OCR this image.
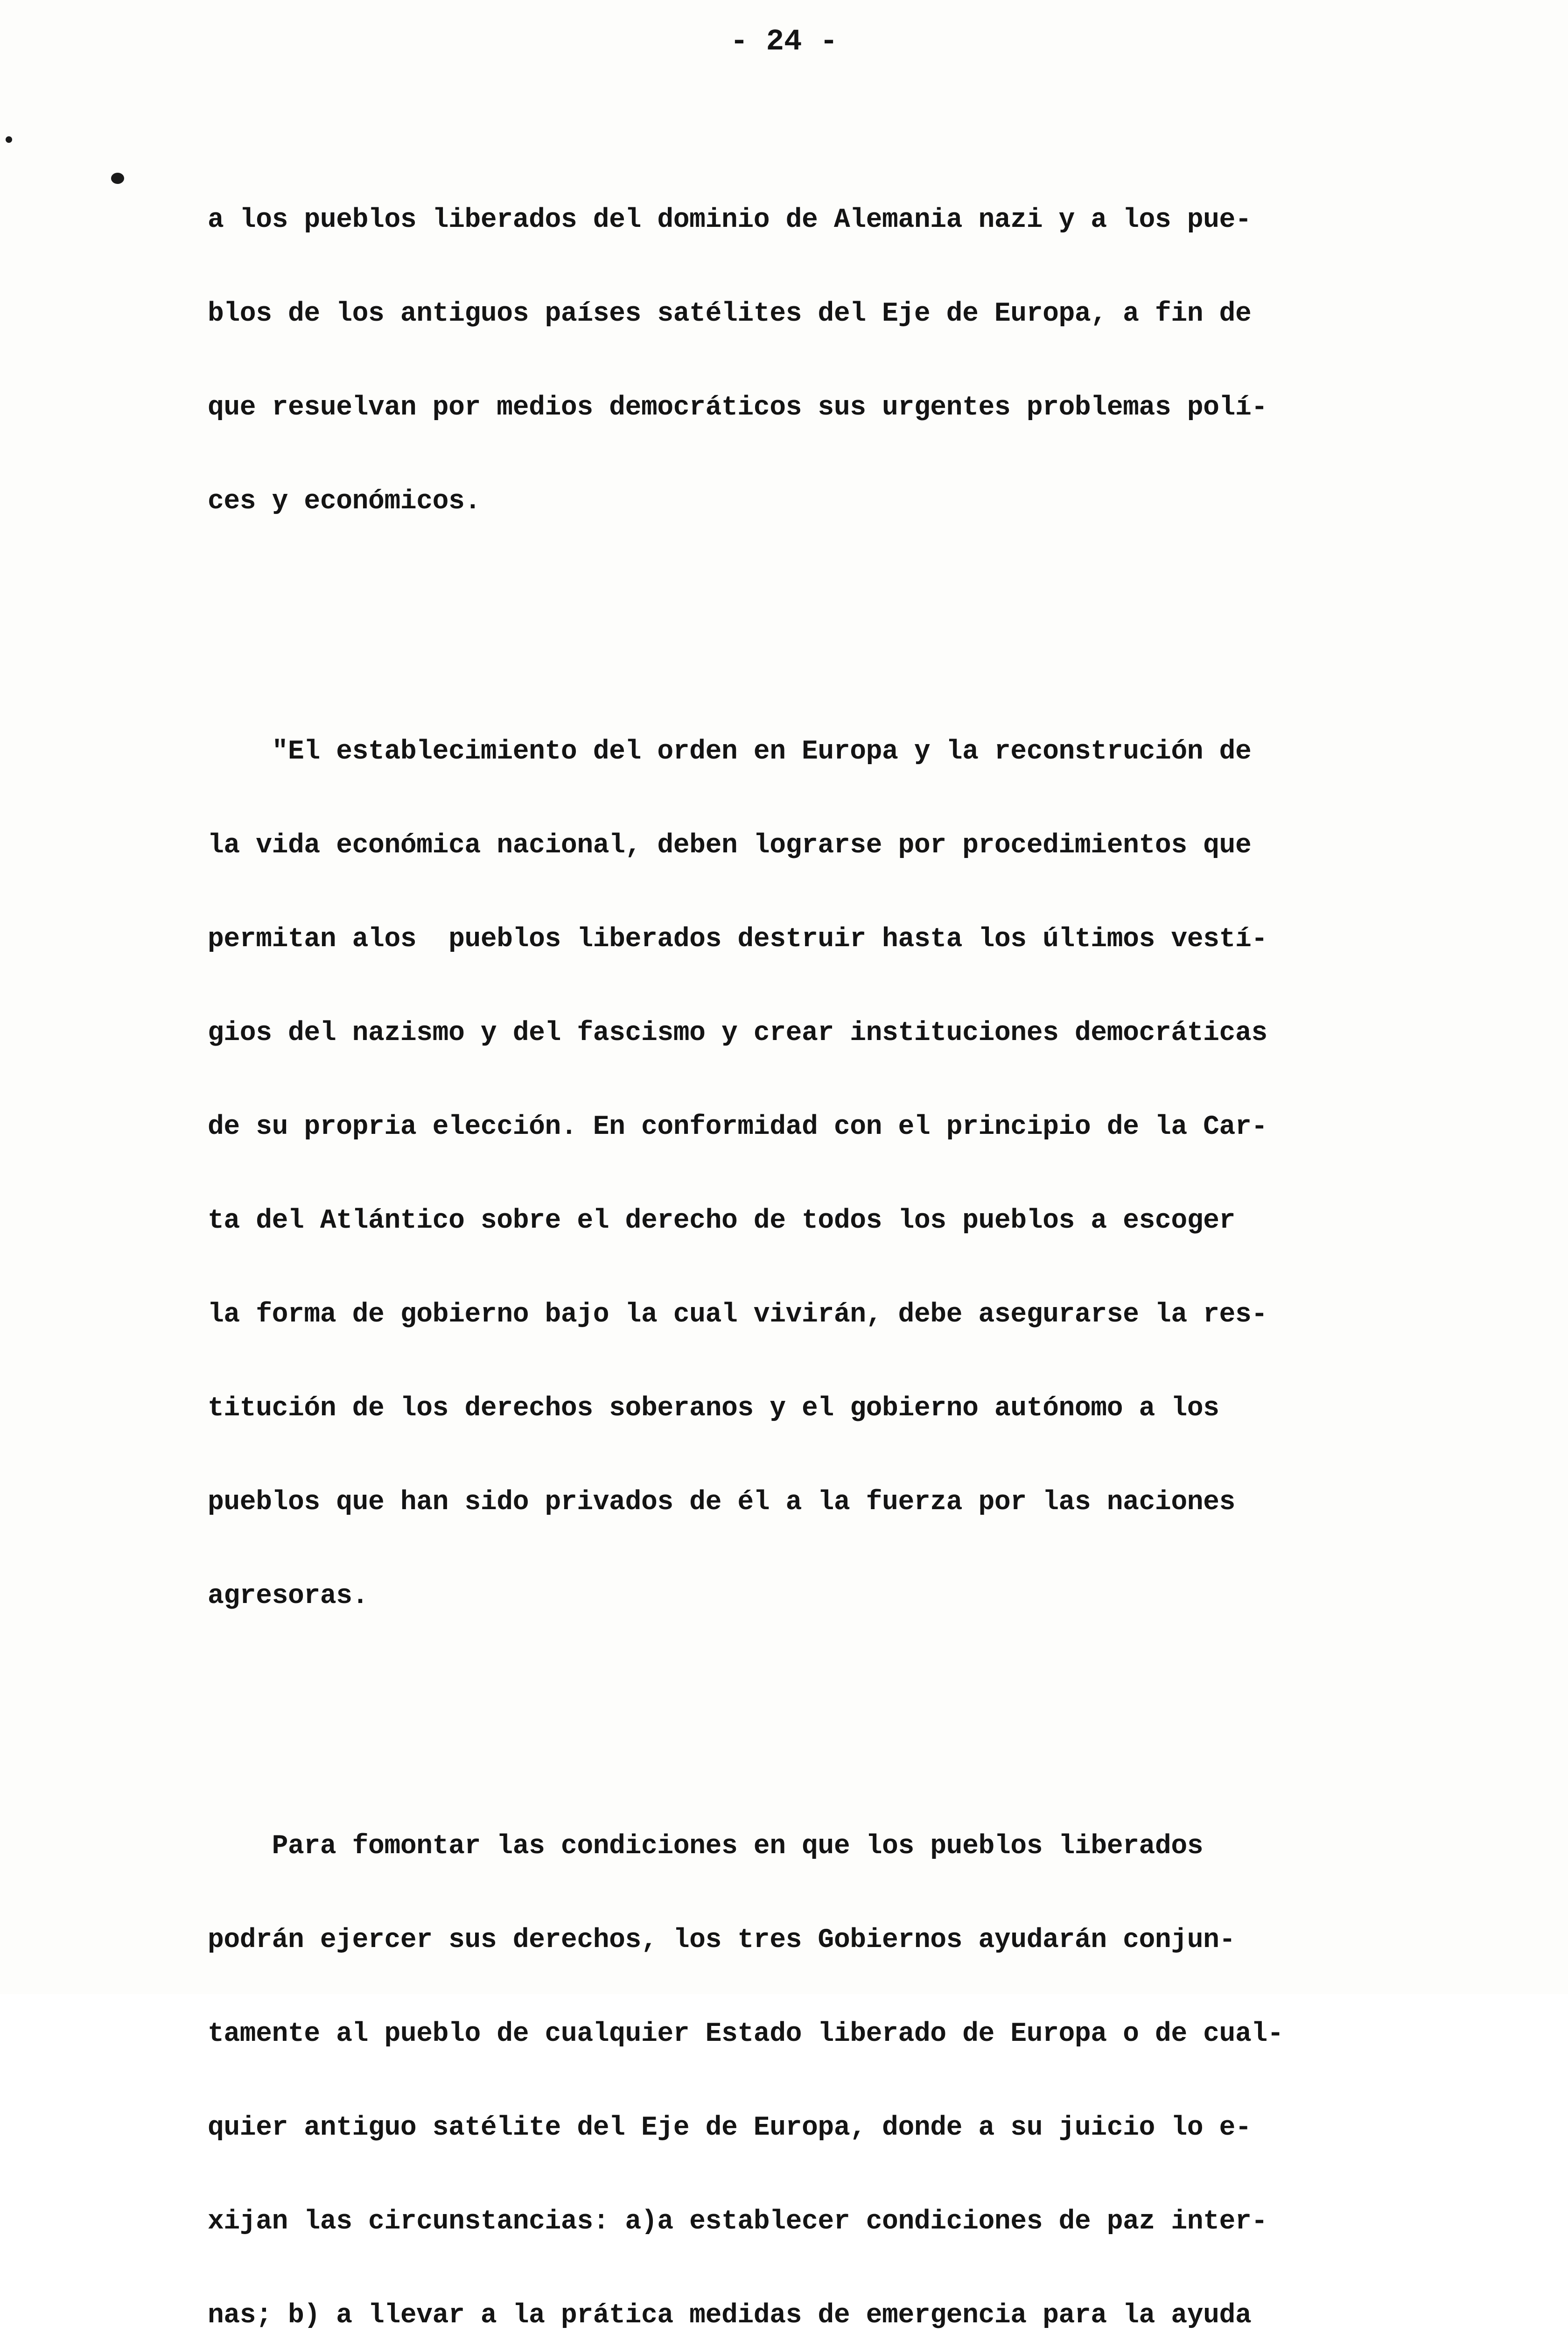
- 24 -

a los pueblos liberados del dominio de Alemania nazi y a los pue-

blos de los antiguos países satélites del Eje de Europa, a fin de

que resuelvan por medios democráticos sus urgentes problemas polí-

ces y económicos.

"El establecimiento del orden en Europa y la reconstrución de

la vida económica nacional, deben lograrse por procedimientos que

permitan alos  pueblos liberados destruir hasta los últimos vestí-

gios del nazismo y del fascismo y crear instituciones democráticas

de su propria elección. En conformidad con el principio de la Car-

ta del Atlántico sobre el derecho de todos los pueblos a escoger

la forma de gobierno bajo la cual vivirán, debe asegurarse la res-

titución de los derechos soberanos y el gobierno autónomo a los

pueblos que han sido privados de él a la fuerza por las naciones

agresoras.

Para fomontar las condiciones en que los pueblos liberados

podrán ejercer sus derechos, los tres Gobiernos ayudarán conjun-

tamente al pueblo de cualquier Estado liberado de Europa o de cual-

quier antiguo satélite del Eje de Europa, donde a su juicio lo e-

xijan las circunstancias: a)a establecer condiciones de paz inter-

nas; b) a llevar a la prática medidas de emergencia para la ayuda
